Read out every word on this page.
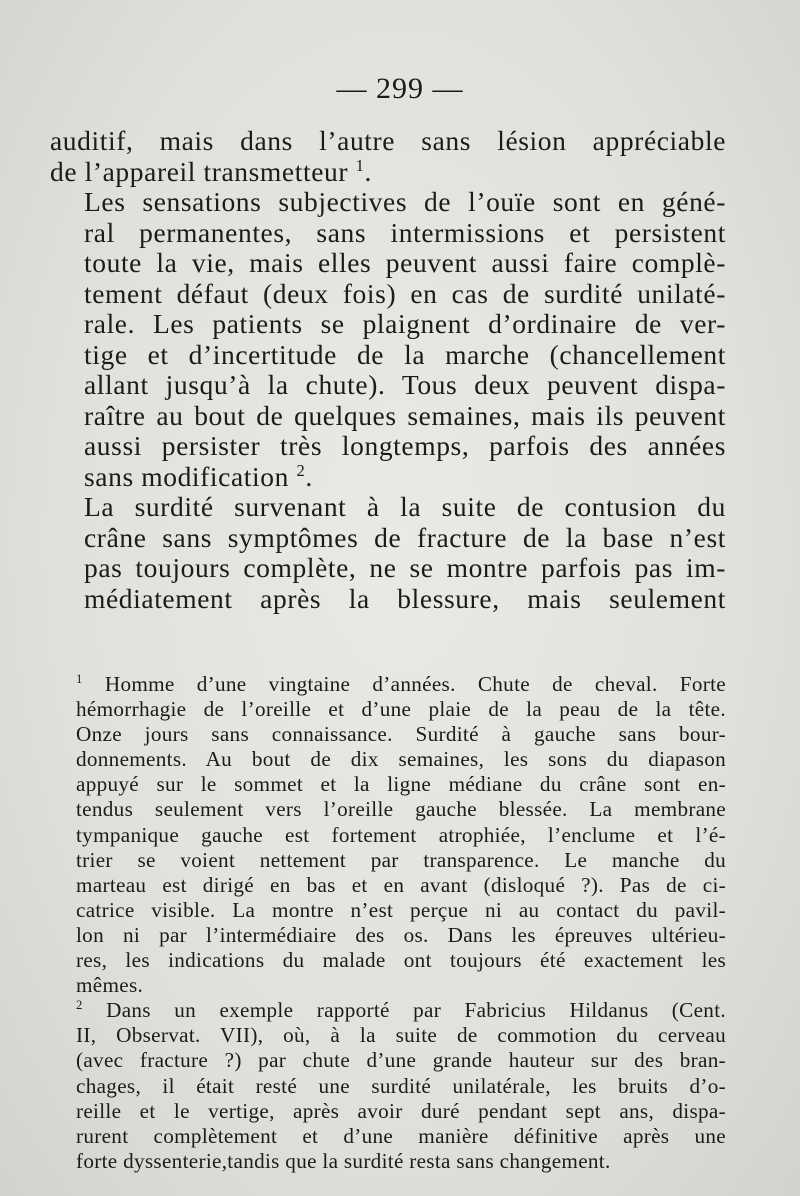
— 299 —

auditif, mais dans l’autre sans lésion appréciable
de l’appareil transmetteur $^1$.

Les sensations subjectives de l’ouïe sont en géné-
ral permanentes, sans intermissions et persistent
toute la vie, mais elles peuvent aussi faire complè-
tement défaut (deux fois) en cas de surdité unilaté-
rale. Les patients se plaignent d’ordinaire de ver-
tige et d’incertitude de la marche (chancellement
allant jusqu’à la chute). Tous deux peuvent dispa-
raître au bout de quelques semaines, mais ils peuvent
aussi persister très longtemps, parfois des années
sans modification $^2$.

La surdité survenant à la suite de contusion du
crâne sans symptômes de fracture de la base n’est
pas toujours complète, ne se montre parfois pas im-
médiatement après la blessure, mais seulement

$^1$ Homme d’une vingtaine d’années. Chute de cheval. Forte
hémorrhagie de l’oreille et d’une plaie de la peau de la tête.
Onze jours sans connaissance. Surdité à gauche sans bour-
donnements. Au bout de dix semaines, les sons du diapason
appuyé sur le sommet et la ligne médiane du crâne sont en-
tendus seulement vers l’oreille gauche blessée. La membrane
tympanique gauche est fortement atrophiée, l’enclume et l’é-
trier se voient nettement par transparence. Le manche du
marteau est dirigé en bas et en avant (disloqué ?). Pas de ci-
catrice visible. La montre n’est perçue ni au contact du pavil-
lon ni par l’intermédiaire des os. Dans les épreuves ultérieu-
res, les indications du malade ont toujours été exactement les
mêmes.

$^2$ Dans un exemple rapporté par Fabricius Hildanus (Cent.
II, Observat. VII), où, à la suite de commotion du cerveau
(avec fracture ?) par chute d’une grande hauteur sur des bran-
chages, il était resté une surdité unilatérale, les bruits d’o-
reille et le vertige, après avoir duré pendant sept ans, dispa-
rurent complètement et d’une manière définitive après une
forte dyssenterie,tandis que la surdité resta sans changement.
